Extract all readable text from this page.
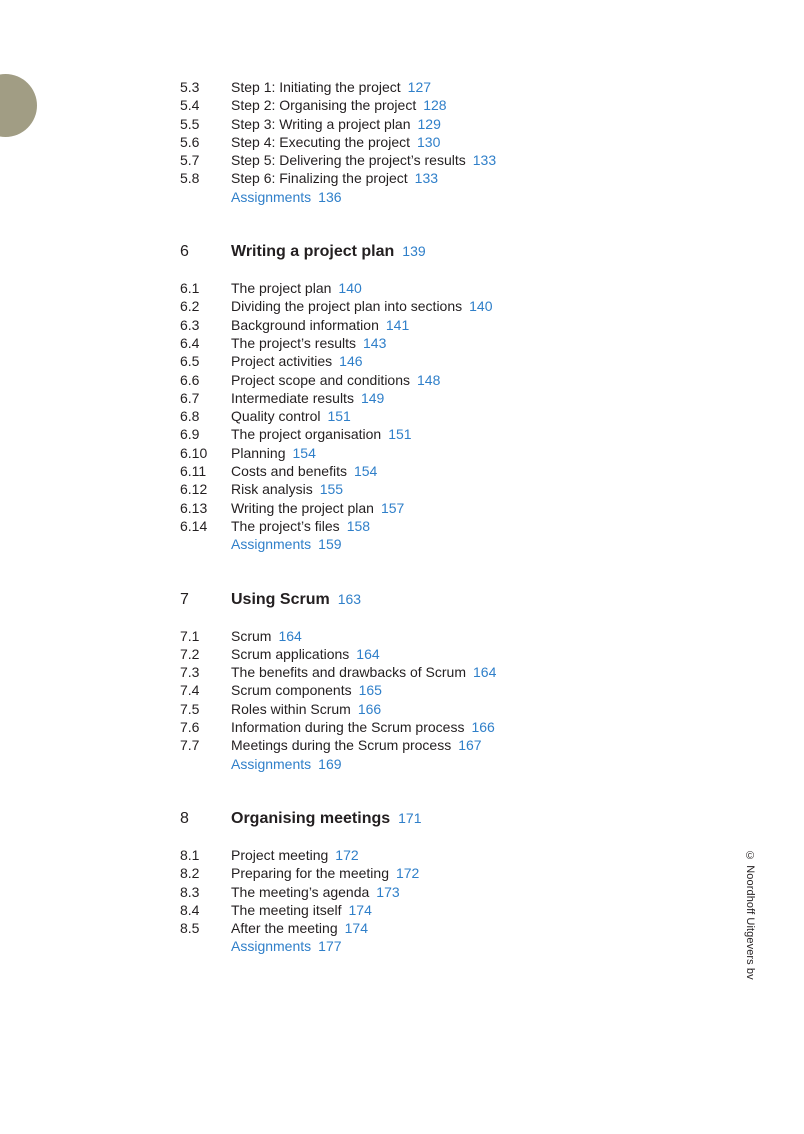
5.3	Step 1: Initiating the project 127
5.4	Step 2: Organising the project 128
5.5	Step 3: Writing a project plan 129
5.6	Step 4: Executing the project 130
5.7	Step 5: Delivering the project’s results 133
5.8	Step 6: Finalizing the project 133
Assignments 136
6	Writing a project plan 139
6.1	The project plan 140
6.2	Dividing the project plan into sections 140
6.3	Background information 141
6.4	The project’s results 143
6.5	Project activities 146
6.6	Project scope and conditions 148
6.7	Intermediate results 149
6.8	Quality control 151
6.9	The project organisation 151
6.10	Planning 154
6.11	Costs and benefits 154
6.12	Risk analysis 155
6.13	Writing the project plan 157
6.14	The project’s files 158
Assignments 159
7	Using Scrum 163
7.1	Scrum 164
7.2	Scrum applications 164
7.3	The benefits and drawbacks of Scrum 164
7.4	Scrum components 165
7.5	Roles within Scrum 166
7.6	Information during the Scrum process 166
7.7	Meetings during the Scrum process 167
Assignments 169
8	Organising meetings 171
8.1	Project meeting 172
8.2	Preparing for the meeting 172
8.3	The meeting’s agenda 173
8.4	The meeting itself 174
8.5	After the meeting 174
Assignments 177	© Noordhoff Uitgevers bv
